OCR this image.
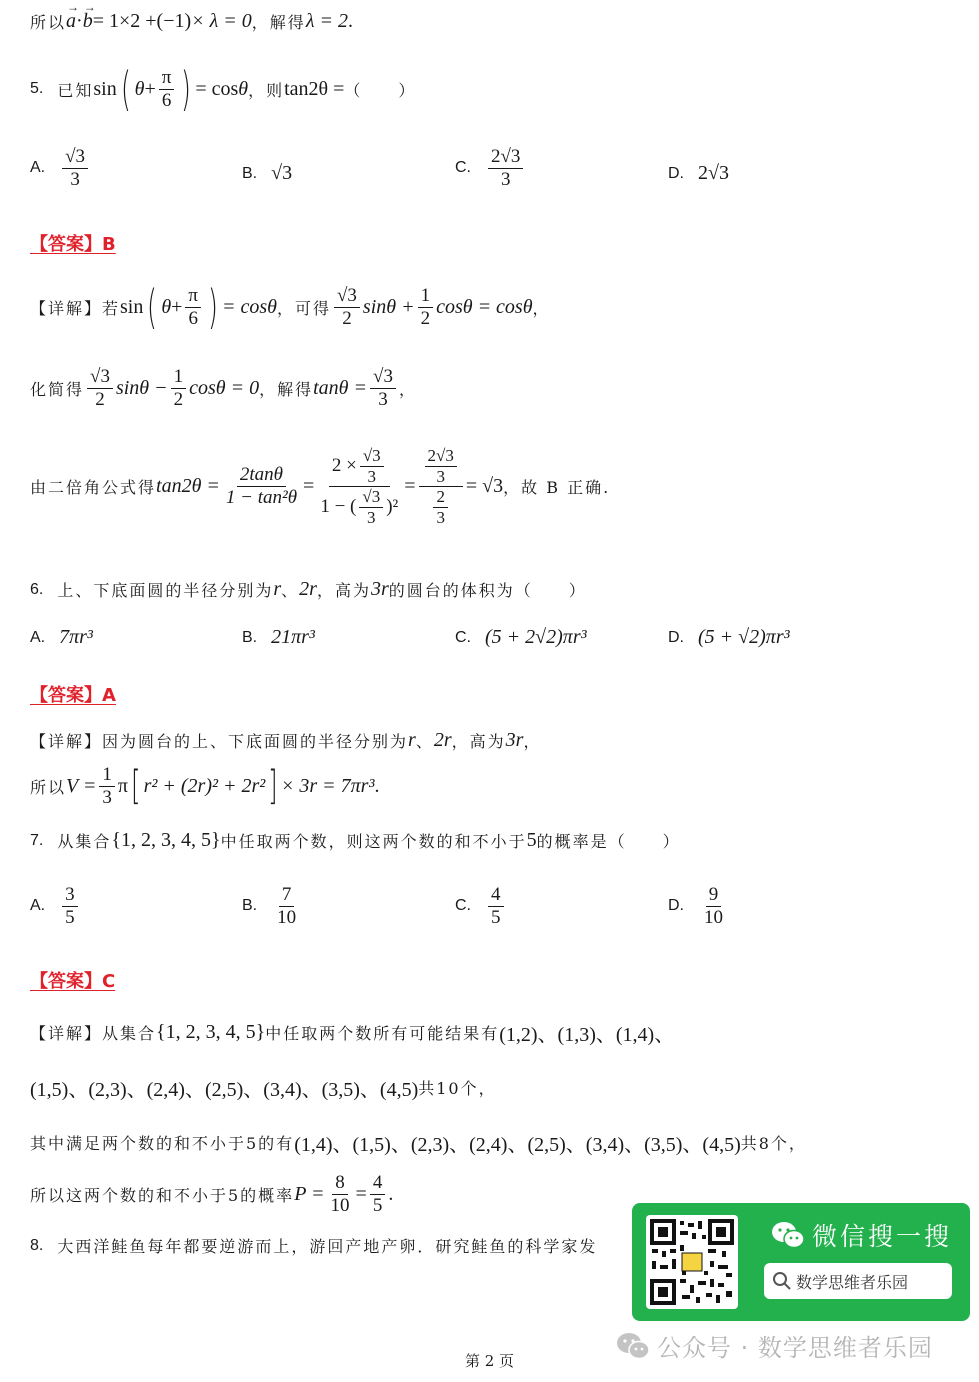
所以 a
→
· b
→
= 1×2 + (−1) × λ = 0 ，解得 λ = 2 .
5. 已知 sin ( $\theta + \frac{\pi}{6}$ ) = cos θ ，则 tan2θ = （　　）
A. $\frac{√3}{3}$	B. √3	C. $\frac{2√3}{3}$	D. 2√3
【答案】B
【详解】若 sin ( $\theta + \frac{\pi}{6}$ ) = cosθ ，可得 $\frac{√3}{2}$ $\sin\theta + \frac{1}{2}$ cosθ = cosθ ，
化简得 $\frac{√3}{2}$ $\sin\theta - \frac{1}{2}$ cosθ = 0 ，解得 $\tan\theta = \frac{√3}{3}$ ，
由二倍角公式得 $\tan 2\theta = \frac{2\tan\theta}{\text{1 − tan²θ}} = \frac{2 \times \frac{√3}{3}}{1 - ( \frac{√3}{3} )^2} = \frac{\frac{2√3}{3}}{\frac{2}{3}} = √3$ ，故 B 正确.
6. 上、下底面圆的半径分别为 r 、 2r ，高为 3r 的圆台的体积为（　　）
A. 7πr³	B. 21πr³	C. (5 + 2√2)πr³	D. (5 + √2)πr³
【答案】A
【详解】因为圆台的上、下底面圆的半径分别为 r 、 2r ，高为 3r ，
所以 $V = \frac{1}{3}$ π [ r² + (2r)² + 2r² ] × 3r = 7πr³ .
7. 从集合 {1, 2, 3, 4, 5} 中任取两个数，则这两个数的和不小于 5 的概率是（　　）
A. $\frac{3}{5}$	B. $\frac{7}{10}$	C. $\frac{4}{5}$	D. $\frac{9}{10}$
【答案】C
【详解】从集合 {1, 2, 3, 4, 5} 中任取两个数所有可能结果有 (1,2)、(1,3)、(1,4)、
(1,5)、(2,3)、(2,4)、(2,5)、(3,4)、(3,5)、(4,5) 共10个，
其中满足两个数的和不小于5的有 (1,4)、(1,5)、(2,3)、(2,4)、(2,5)、(3,4)、(3,5)、(4,5) 共8个，
所以这两个数的和不小于5的概率 $P = \frac{8}{10} = \frac{4}{5}$ .
8. 大西洋鲑鱼每年都要逆游而上，游回产地产卵．研究鲑鱼的科学家发	微信搜一搜
数学思维者乐园
公众号 · 数学思维者乐园
第 2 页
